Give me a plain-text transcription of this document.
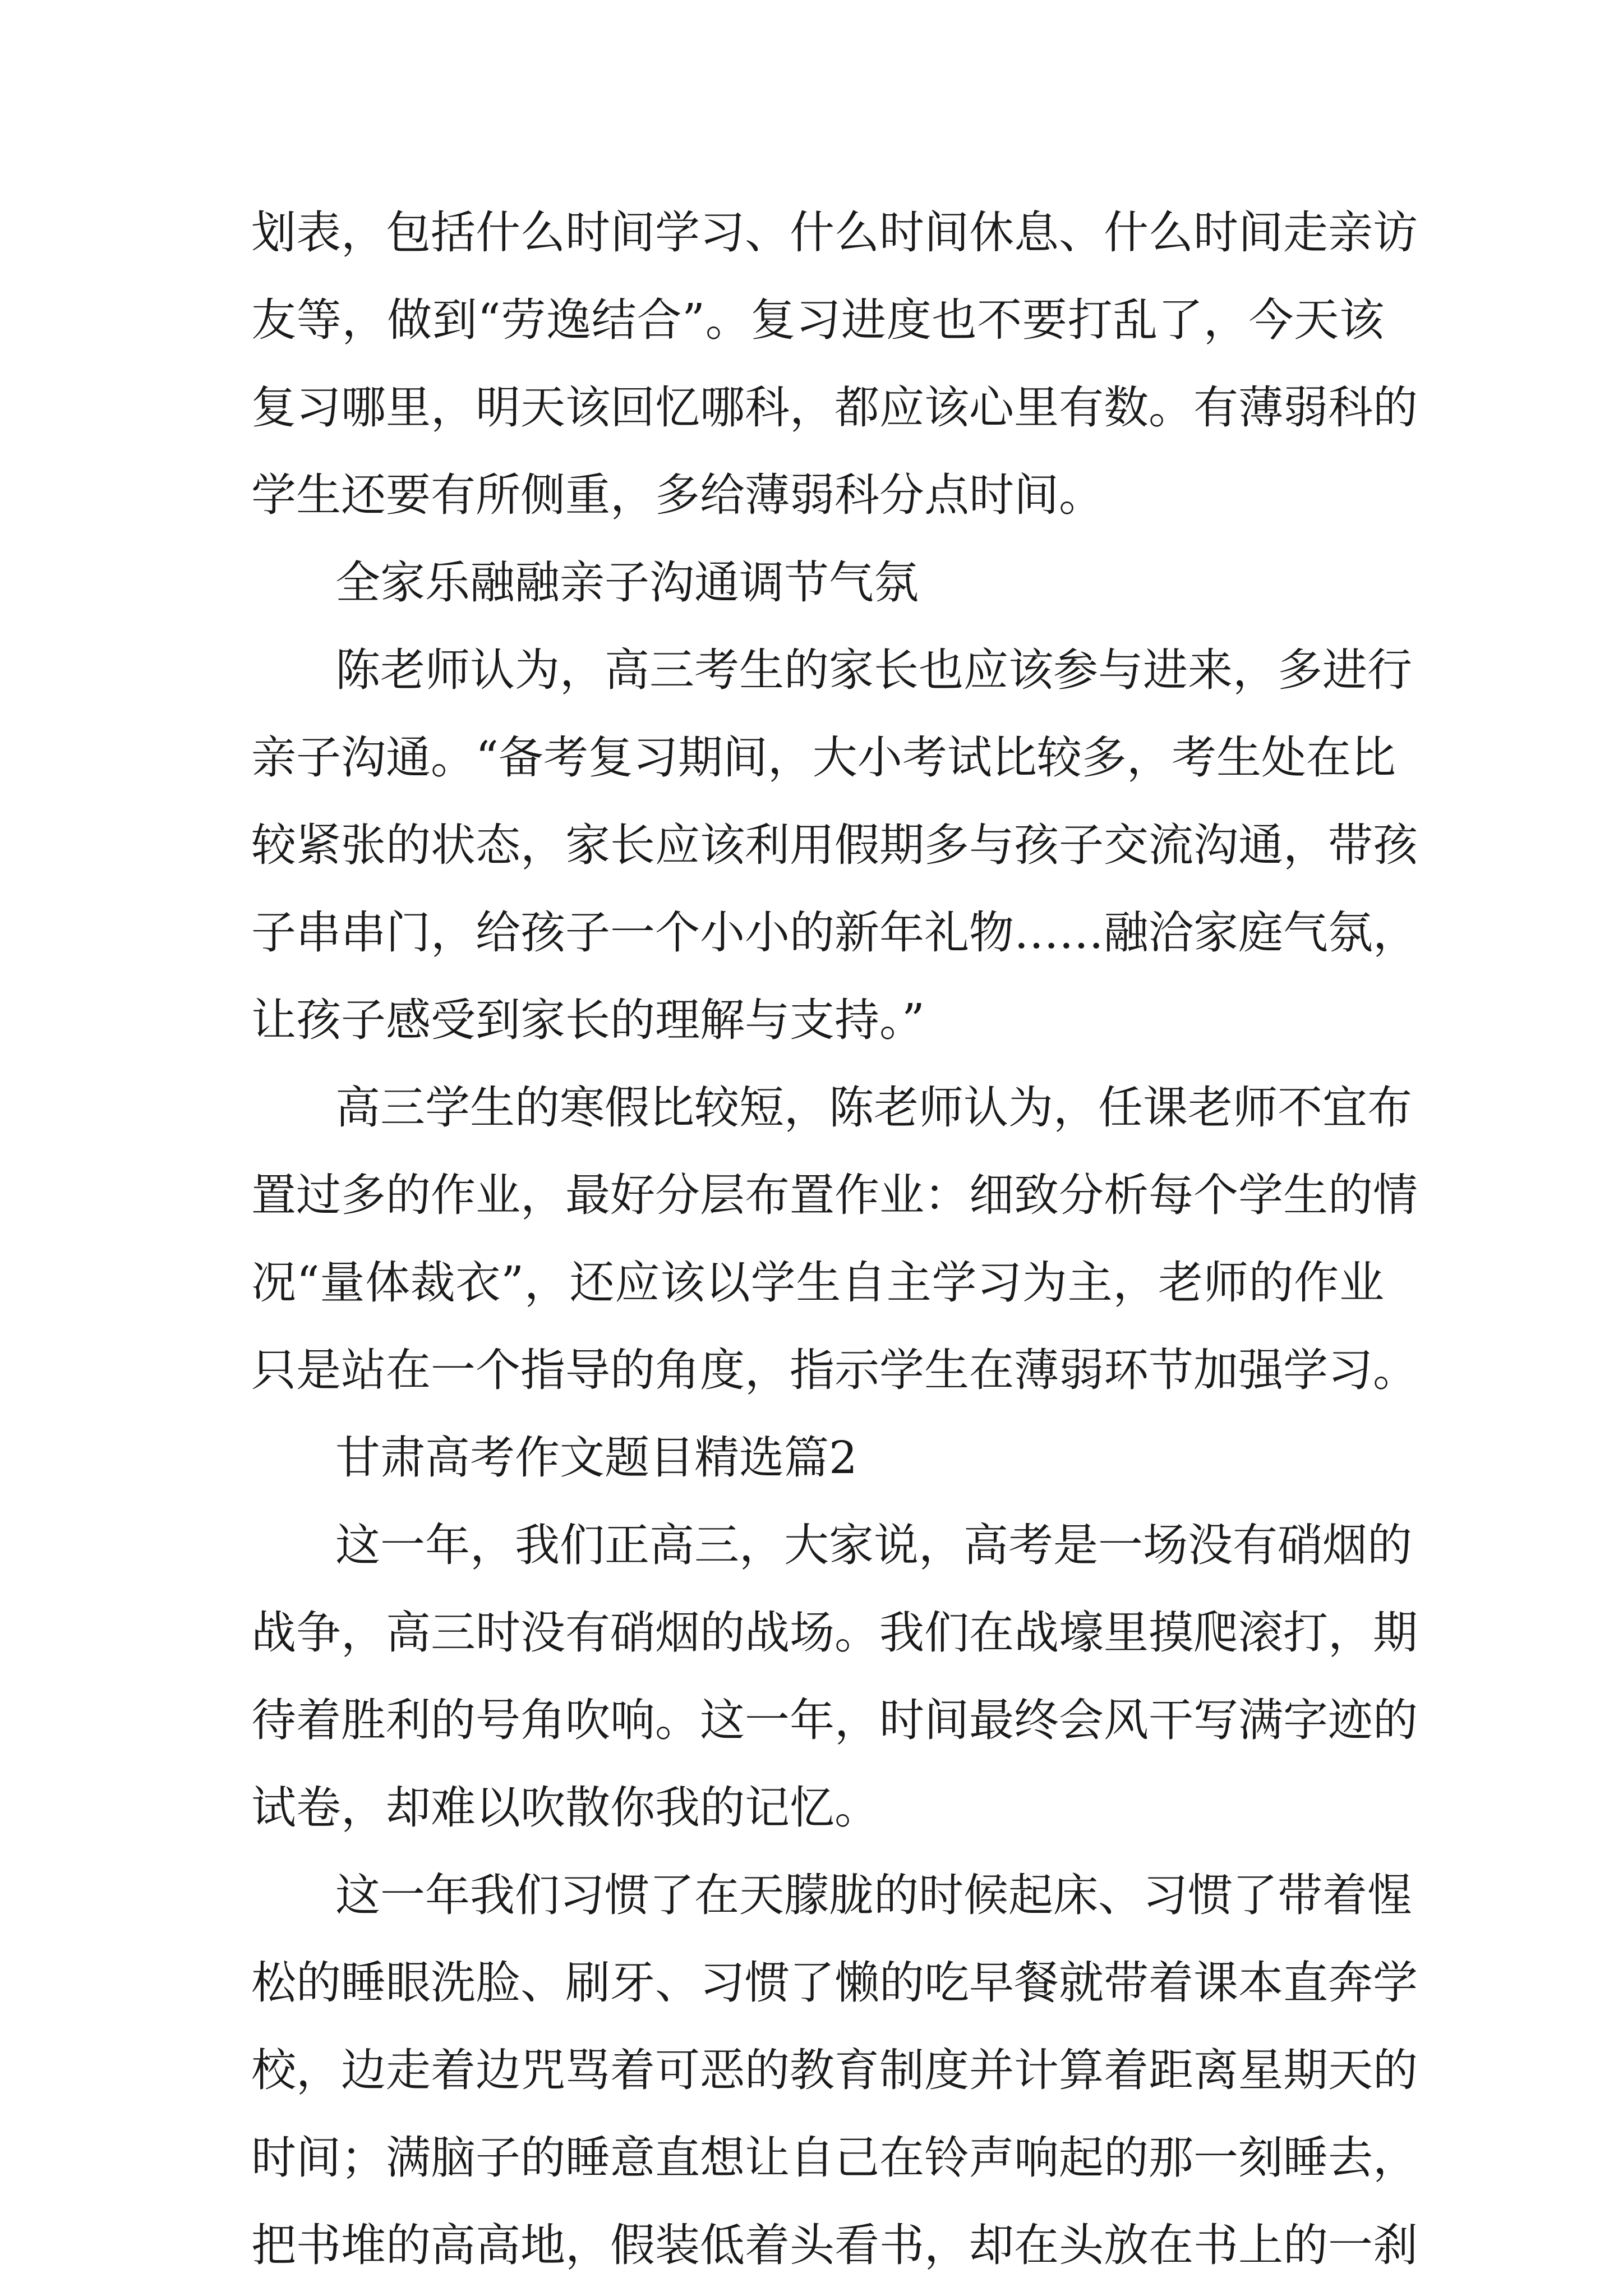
划表，包括什么时间学习、什么时间休息、什么时间走亲访
友等，做到“劳逸结合”。复习进度也不要打乱了，今天该
复习哪里，明天该回忆哪科，都应该心里有数。有薄弱科的
学生还要有所侧重，多给薄弱科分点时间。
全家乐融融亲子沟通调节气氛
陈老师认为，高三考生的家长也应该参与进来，多进行
亲子沟通。“备考复习期间，大小考试比较多，考生处在比
较紧张的状态，家长应该利用假期多与孩子交流沟通，带孩
子串串门，给孩子一个小小的新年礼物……融洽家庭气氛，
让孩子感受到家长的理解与支持。”
高三学生的寒假比较短，陈老师认为，任课老师不宜布
置过多的作业，最好分层布置作业：细致分析每个学生的情
况“量体裁衣”，还应该以学生自主学习为主，老师的作业
只是站在一个指导的角度，指示学生在薄弱环节加强学习。
甘肃高考作文题目精选篇2
这一年，我们正高三，大家说，高考是一场没有硝烟的
战争，高三时没有硝烟的战场。我们在战壕里摸爬滚打，期
待着胜利的号角吹响。这一年，时间最终会风干写满字迹的
试卷，却难以吹散你我的记忆。
这一年我们习惯了在天朦胧的时候起床、习惯了带着惺
松的睡眼洗脸、刷牙、习惯了懒的吃早餐就带着课本直奔学
校，边走着边咒骂着可恶的教育制度并计算着距离星期天的
时间；满脑子的睡意直想让自己在铃声响起的那一刻睡去，
把书堆的高高地，假装低着头看书，却在头放在书上的一刹
